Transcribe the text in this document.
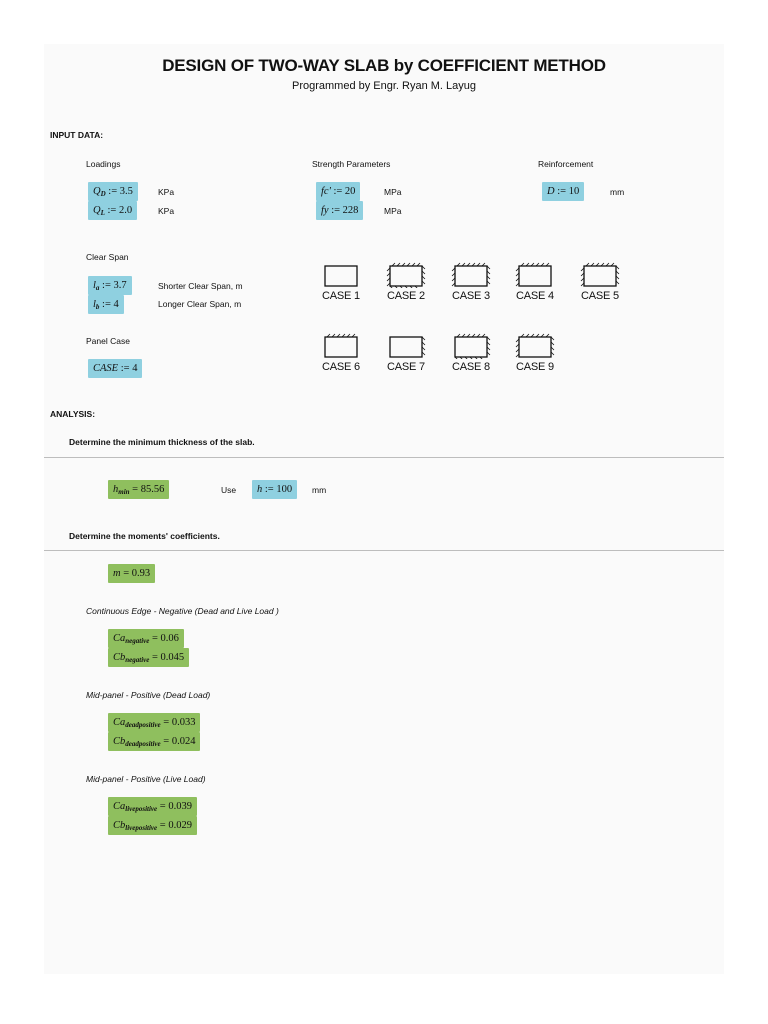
DESIGN OF TWO-WAY SLAB by COEFFICIENT METHOD
Programmed by Engr. Ryan M. Layug
INPUT DATA:
Loadings
$Q_D$ := 3.5	KPa
$Q_L$ := 2.0	KPa
Strength Parameters
fc' := 20	MPa
fy := 228	MPa
Reinforcement
D := 10	mm
Clear Span
$l_a$ := 3.7	Shorter Clear Span, m
$l_b$ := 4	Longer Clear Span, m
Panel Case
CASE := 4
CASE 1	CASE 2	CASE 3	CASE 4	CASE 5
CASE 6	CASE 7	CASE 8	CASE 9
ANALYSIS:
Determine the minimum thickness of the slab.
$h_{min} = 85.56$	Use	h := 100	mm
Determine the moments' coefficients.
m = 0.93
Continuous Edge - Negative (Dead and Live Load )
$Ca_{negative} = 0.06$
$Cb_{negative} = 0.045$
Mid-panel - Positive (Dead Load)
$Ca_{deadpositive} = 0.033$
$Cb_{deadpositive} = 0.024$
Mid-panel - Positive (Live Load)
$Ca_{livepositive} = 0.039$
$Cb_{livepositive} = 0.029$
